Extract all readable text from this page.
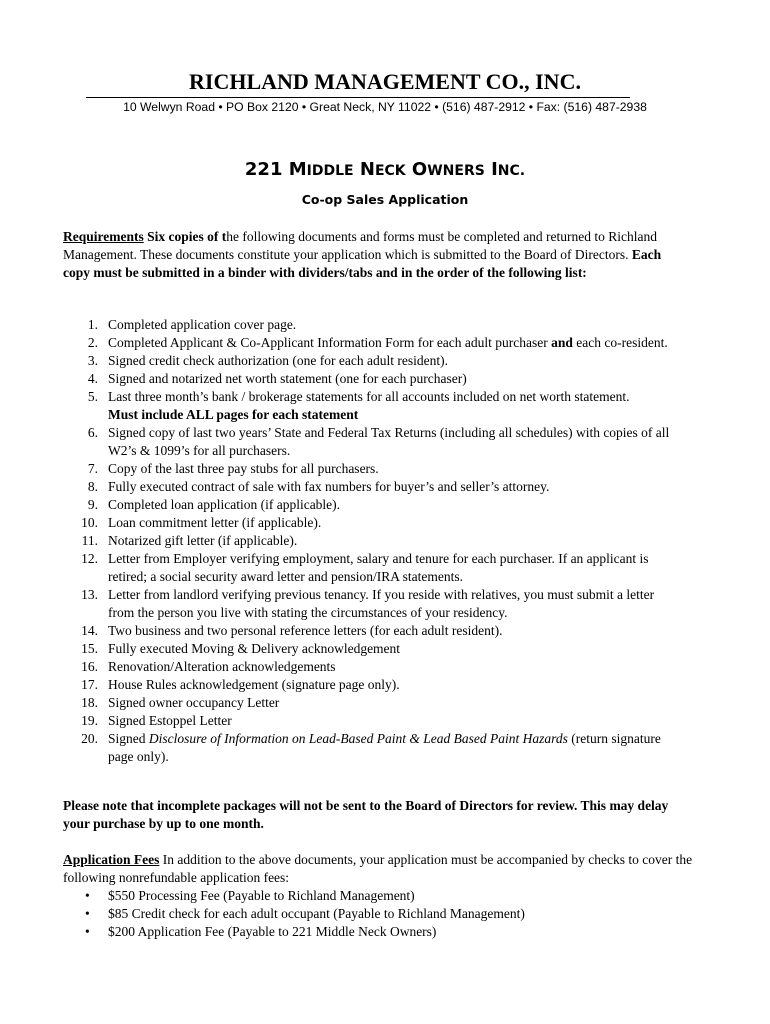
RICHLAND MANAGEMENT CO., INC.
10 Welwyn Road • PO Box 2120 • Great Neck, NY 11022 • (516) 487-2912 • Fax: (516) 487-2938
221 MIDDLE NECK OWNERS INC.
Co-op Sales Application
Requirements Six copies of the following documents and forms must be completed and returned to Richland Management. These documents constitute your application which is submitted to the Board of Directors. Each copy must be submitted in a binder with dividers/tabs and in the order of the following list:
1. Completed application cover page.
2. Completed Applicant & Co-Applicant Information Form for each adult purchaser and each co-resident.
3. Signed credit check authorization (one for each adult resident).
4. Signed and notarized net worth statement (one for each purchaser)
5. Last three month’s bank / brokerage statements for all accounts included on net worth statement.
Must include ALL pages for each statement
6. Signed copy of last two years’ State and Federal Tax Returns (including all schedules) with copies of all W2’s & 1099’s for all purchasers.
7. Copy of the last three pay stubs for all purchasers.
8. Fully executed contract of sale with fax numbers for buyer’s and seller’s attorney.
9. Completed loan application (if applicable).
10. Loan commitment letter (if applicable).
11. Notarized gift letter (if applicable).
12. Letter from Employer verifying employment, salary and tenure for each purchaser. If an applicant is retired; a social security award letter and pension/IRA statements.
13. Letter from landlord verifying previous tenancy. If you reside with relatives, you must submit a letter from the person you live with stating the circumstances of your residency.
14. Two business and two personal reference letters (for each adult resident).
15. Fully executed Moving & Delivery acknowledgement
16. Renovation/Alteration acknowledgements
17. House Rules acknowledgement (signature page only).
18. Signed owner occupancy Letter
19. Signed Estoppel Letter
20. Signed Disclosure of Information on Lead-Based Paint & Lead Based Paint Hazards (return signature page only).
Please note that incomplete packages will not be sent to the Board of Directors for review. This may delay your purchase by up to one month.
Application Fees In addition to the above documents, your application must be accompanied by checks to cover the following nonrefundable application fees:
• $550 Processing Fee (Payable to Richland Management)
• $85 Credit check for each adult occupant (Payable to Richland Management)
• $200 Application Fee (Payable to 221 Middle Neck Owners)
